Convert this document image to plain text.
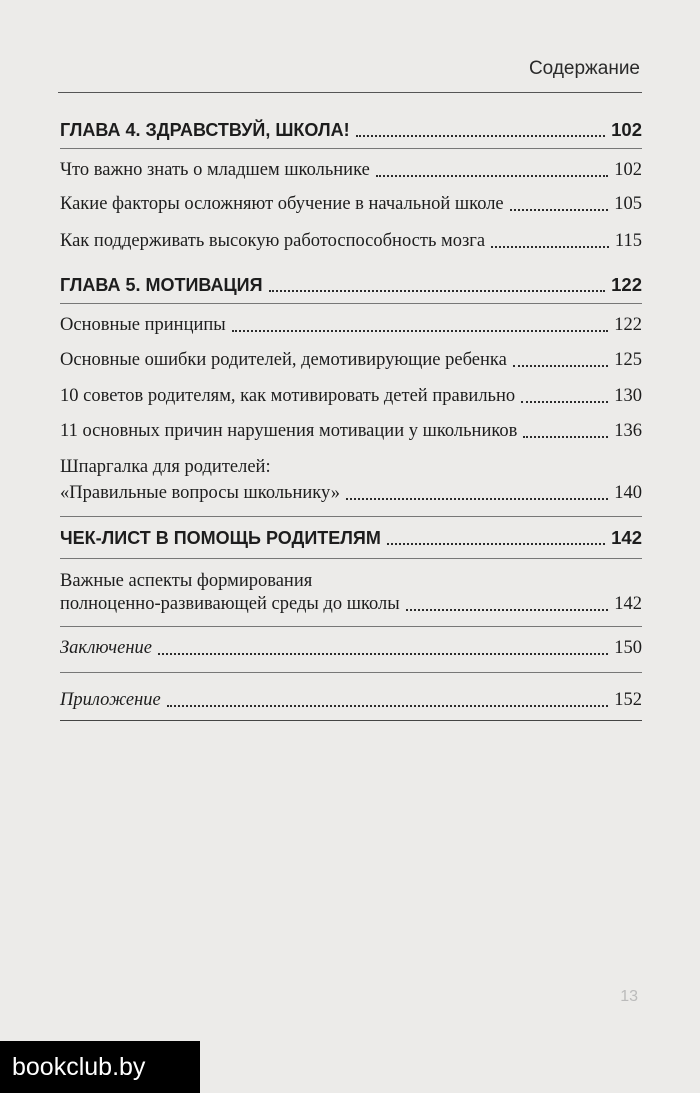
Содержание
ГЛАВА 4. ЗДРАВСТВУЙ, ШКОЛА!	102
Что важно знать о младшем школьнике	102
Какие факторы осложняют обучение в начальной школе	105
Как поддерживать высокую работоспособность мозга	115
ГЛАВА 5. МОТИВАЦИЯ	122
Основные принципы	122
Основные ошибки родителей, демотивирующие ребенка	125
10 советов родителям, как мотивировать детей правильно	130
11 основных причин нарушения мотивации у школьников	136
Шпаргалка для родителей:
«Правильные вопросы школьнику»	140
ЧЕК-ЛИСТ В ПОМОЩЬ РОДИТЕЛЯМ	142
Важные аспекты формирования
полноценно-развивающей среды до школы	142
Заключение	150
Приложение	152
13
bookclub.by
